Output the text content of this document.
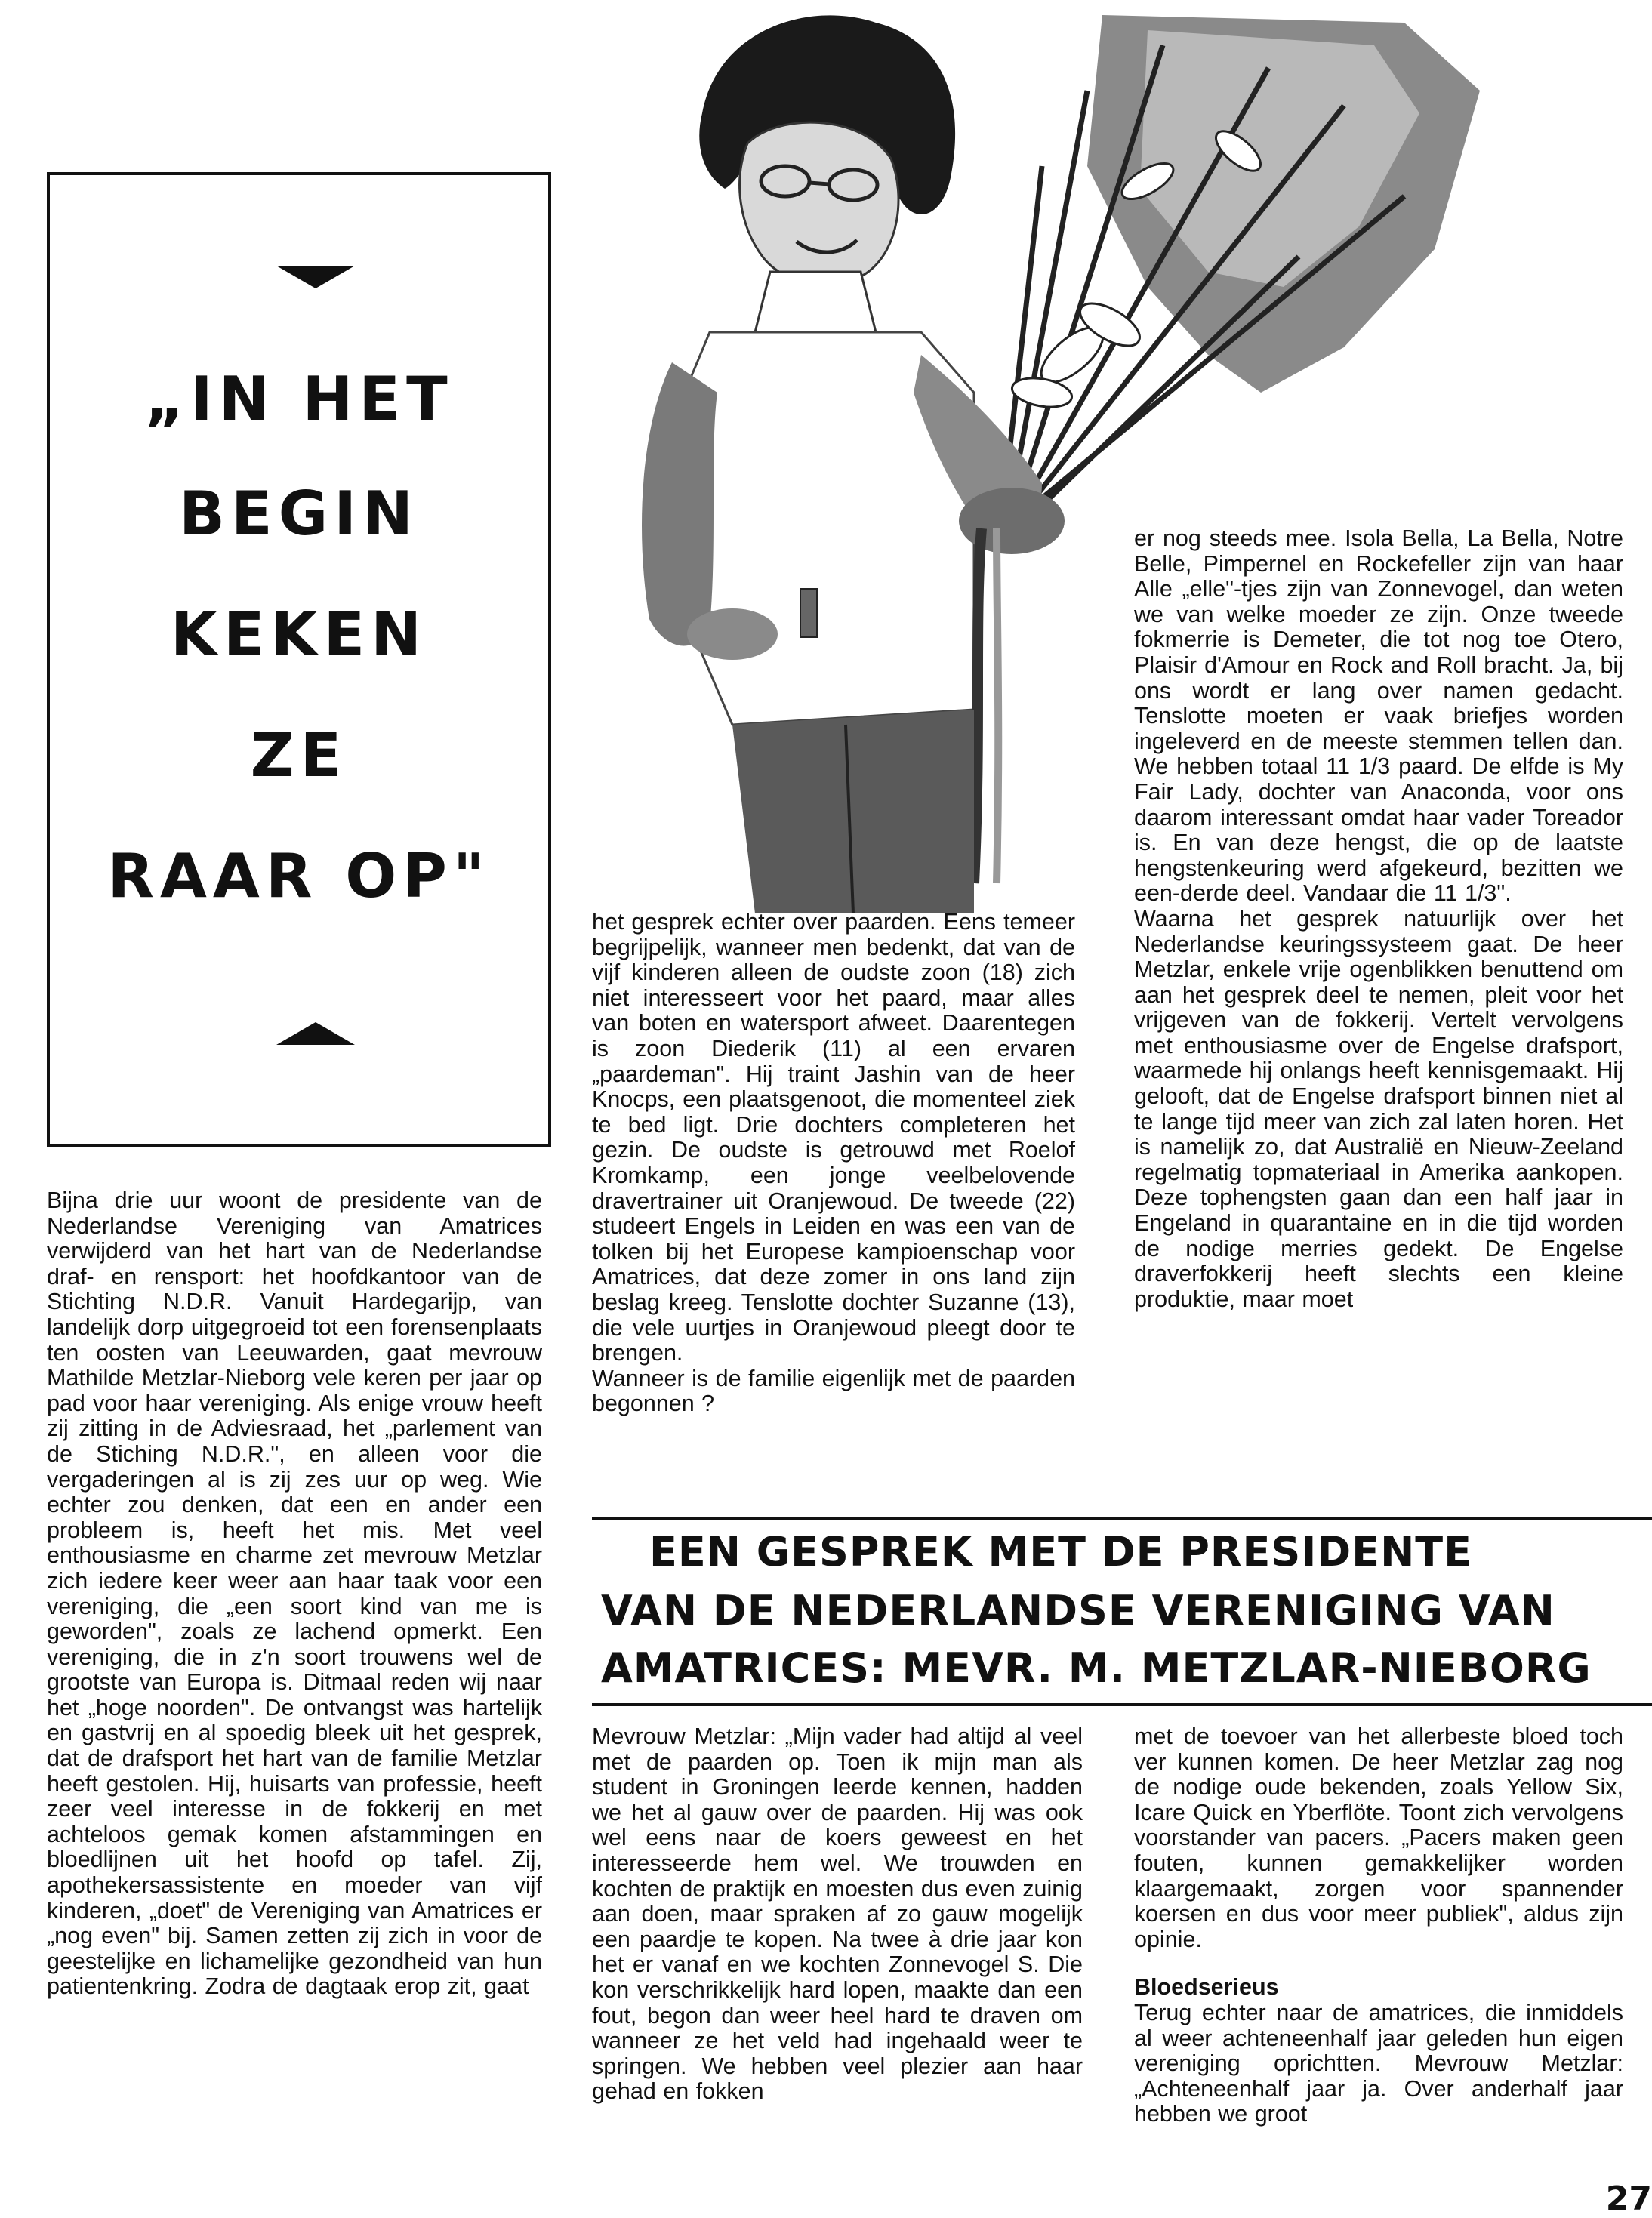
„IN HET
BEGIN
KEKEN
ZE
RAAR OP"

Bijna drie uur woont de presidente van de Nederlandse Vereniging van Amatrices verwijderd van het hart van de Nederlandse draf- en rensport: het hoofdkantoor van de Stichting N.D.R. Vanuit Hardegarijp, van landelijk dorp uitgegroeid tot een forensenplaats ten oosten van Leeuwarden, gaat mevrouw Mathilde Metzlar-Nieborg vele keren per jaar op pad voor haar vereniging. Als enige vrouw heeft zij zitting in de Adviesraad, het „parlement van de Stiching N.D.R.", en alleen voor die vergaderingen al is zij zes uur op weg. Wie echter zou denken, dat een en ander een probleem is, heeft het mis. Met veel enthousiasme en charme zet mevrouw Metzlar zich iedere keer weer aan haar taak voor een vereniging, die „een soort kind van me is geworden", zoals ze lachend opmerkt. Een vereniging, die in z'n soort trouwens wel de grootste van Europa is. Ditmaal reden wij naar het „hoge noorden". De ontvangst was hartelijk en gastvrij en al spoedig bleek uit het gesprek, dat de drafsport het hart van de familie Metzlar heeft gestolen. Hij, huisarts van professie, heeft zeer veel interesse in de fokkerij en met achteloos gemak komen afstammingen en bloedlijnen uit het hoofd op tafel. Zij, apothekersassistente en moeder van vijf kinderen, „doet" de Vereniging van Amatrices er „nog even" bij. Samen zetten zij zich in voor de geestelijke en lichamelijke gezondheid van hun patientenkring. Zodra de dagtaak erop zit, gaat

het gesprek echter over paarden. Eens temeer begrijpelijk, wanneer men bedenkt, dat van de vijf kinderen alleen de oudste zoon (18) zich niet interesseert voor het paard, maar alles van boten en watersport afweet. Daarentegen is zoon Diederik (11) al een ervaren „paardeman". Hij traint Jashin van de heer Knocps, een plaatsgenoot, die momenteel ziek te bed ligt. Drie dochters completeren het gezin. De oudste is getrouwd met Roelof Kromkamp, een jonge veelbelovende dravertrainer uit Oranjewoud. De tweede (22) studeert Engels in Leiden en was een van de tolken bij het Europese kampioenschap voor Amatrices, dat deze zomer in ons land zijn beslag kreeg. Tenslotte dochter Suzanne (13), die vele uurtjes in Oranjewoud pleegt door te brengen.

Wanneer is de familie eigenlijk met de paarden begonnen ?

er nog steeds mee. Isola Bella, La Bella, Notre Belle, Pimpernel en Rockefeller zijn van haar Alle „elle"-tjes zijn van Zonnevogel, dan weten we van welke moeder ze zijn. Onze tweede fokmerrie is Demeter, die tot nog toe Otero, Plaisir d'Amour en Rock and Roll bracht. Ja, bij ons wordt er lang over namen gedacht. Tenslotte moeten er vaak briefjes worden ingeleverd en de meeste stemmen tellen dan. We hebben totaal 11 1/3 paard. De elfde is My Fair Lady, dochter van Anaconda, voor ons daarom interessant omdat haar vader Toreador is. En van deze hengst, die op de laatste hengstenkeuring werd afgekeurd, bezitten we een-derde deel. Vandaar die 11 1/3".

Waarna het gesprek natuurlijk over het Nederlandse keuringssysteem gaat. De heer Metzlar, enkele vrije ogenblikken benuttend om aan het gesprek deel te nemen, pleit voor het vrijgeven van de fokkerij. Vertelt vervolgens met enthousiasme over de Engelse drafsport, waarmede hij onlangs heeft kennisgemaakt. Hij gelooft, dat de Engelse drafsport binnen niet al te lange tijd meer van zich zal laten horen. Het is namelijk zo, dat Australië en Nieuw-Zeeland regelmatig topmateriaal in Amerika aankopen. Deze tophengsten gaan dan een half jaar in Engeland in quarantaine en in die tijd worden de nodige merries gedekt. De Engelse draverfokkerij heeft slechts een kleine produktie, maar moet

EEN GESPREK MET DE PRESIDENTE
VAN DE NEDERLANDSE VERENIGING VAN
AMATRICES: MEVR. M. METZLAR-NIEBORG

Mevrouw Metzlar: „Mijn vader had altijd al veel met de paarden op. Toen ik mijn man als student in Groningen leerde kennen, hadden we het al gauw over de paarden. Hij was ook wel eens naar de koers geweest en het interesseerde hem wel. We trouwden en kochten de praktijk en moesten dus even zuinig aan doen, maar spraken af zo gauw mogelijk een paardje te kopen. Na twee à drie jaar kon het er vanaf en we kochten Zonnevogel S. Die kon verschrikkelijk hard lopen, maakte dan een fout, begon dan weer heel hard te draven om wanneer ze het veld had ingehaald weer te springen. We hebben veel plezier aan haar gehad en fokken

met de toevoer van het allerbeste bloed toch ver kunnen komen. De heer Metzlar zag nog de nodige oude bekenden, zoals Yellow Six, Icare Quick en Yberflöte. Toont zich vervolgens voorstander van pacers. „Pacers maken geen fouten, kunnen gemakkelijker worden klaargemaakt, zorgen voor spannender koersen en dus voor meer publiek", aldus zijn opinie.

Bloedserieus

Terug echter naar de amatrices, die inmiddels al weer achteneenhalf jaar geleden hun eigen vereniging oprichtten. Mevrouw Metzlar: „Achteneenhalf jaar ja. Over anderhalf jaar hebben we groot

27
